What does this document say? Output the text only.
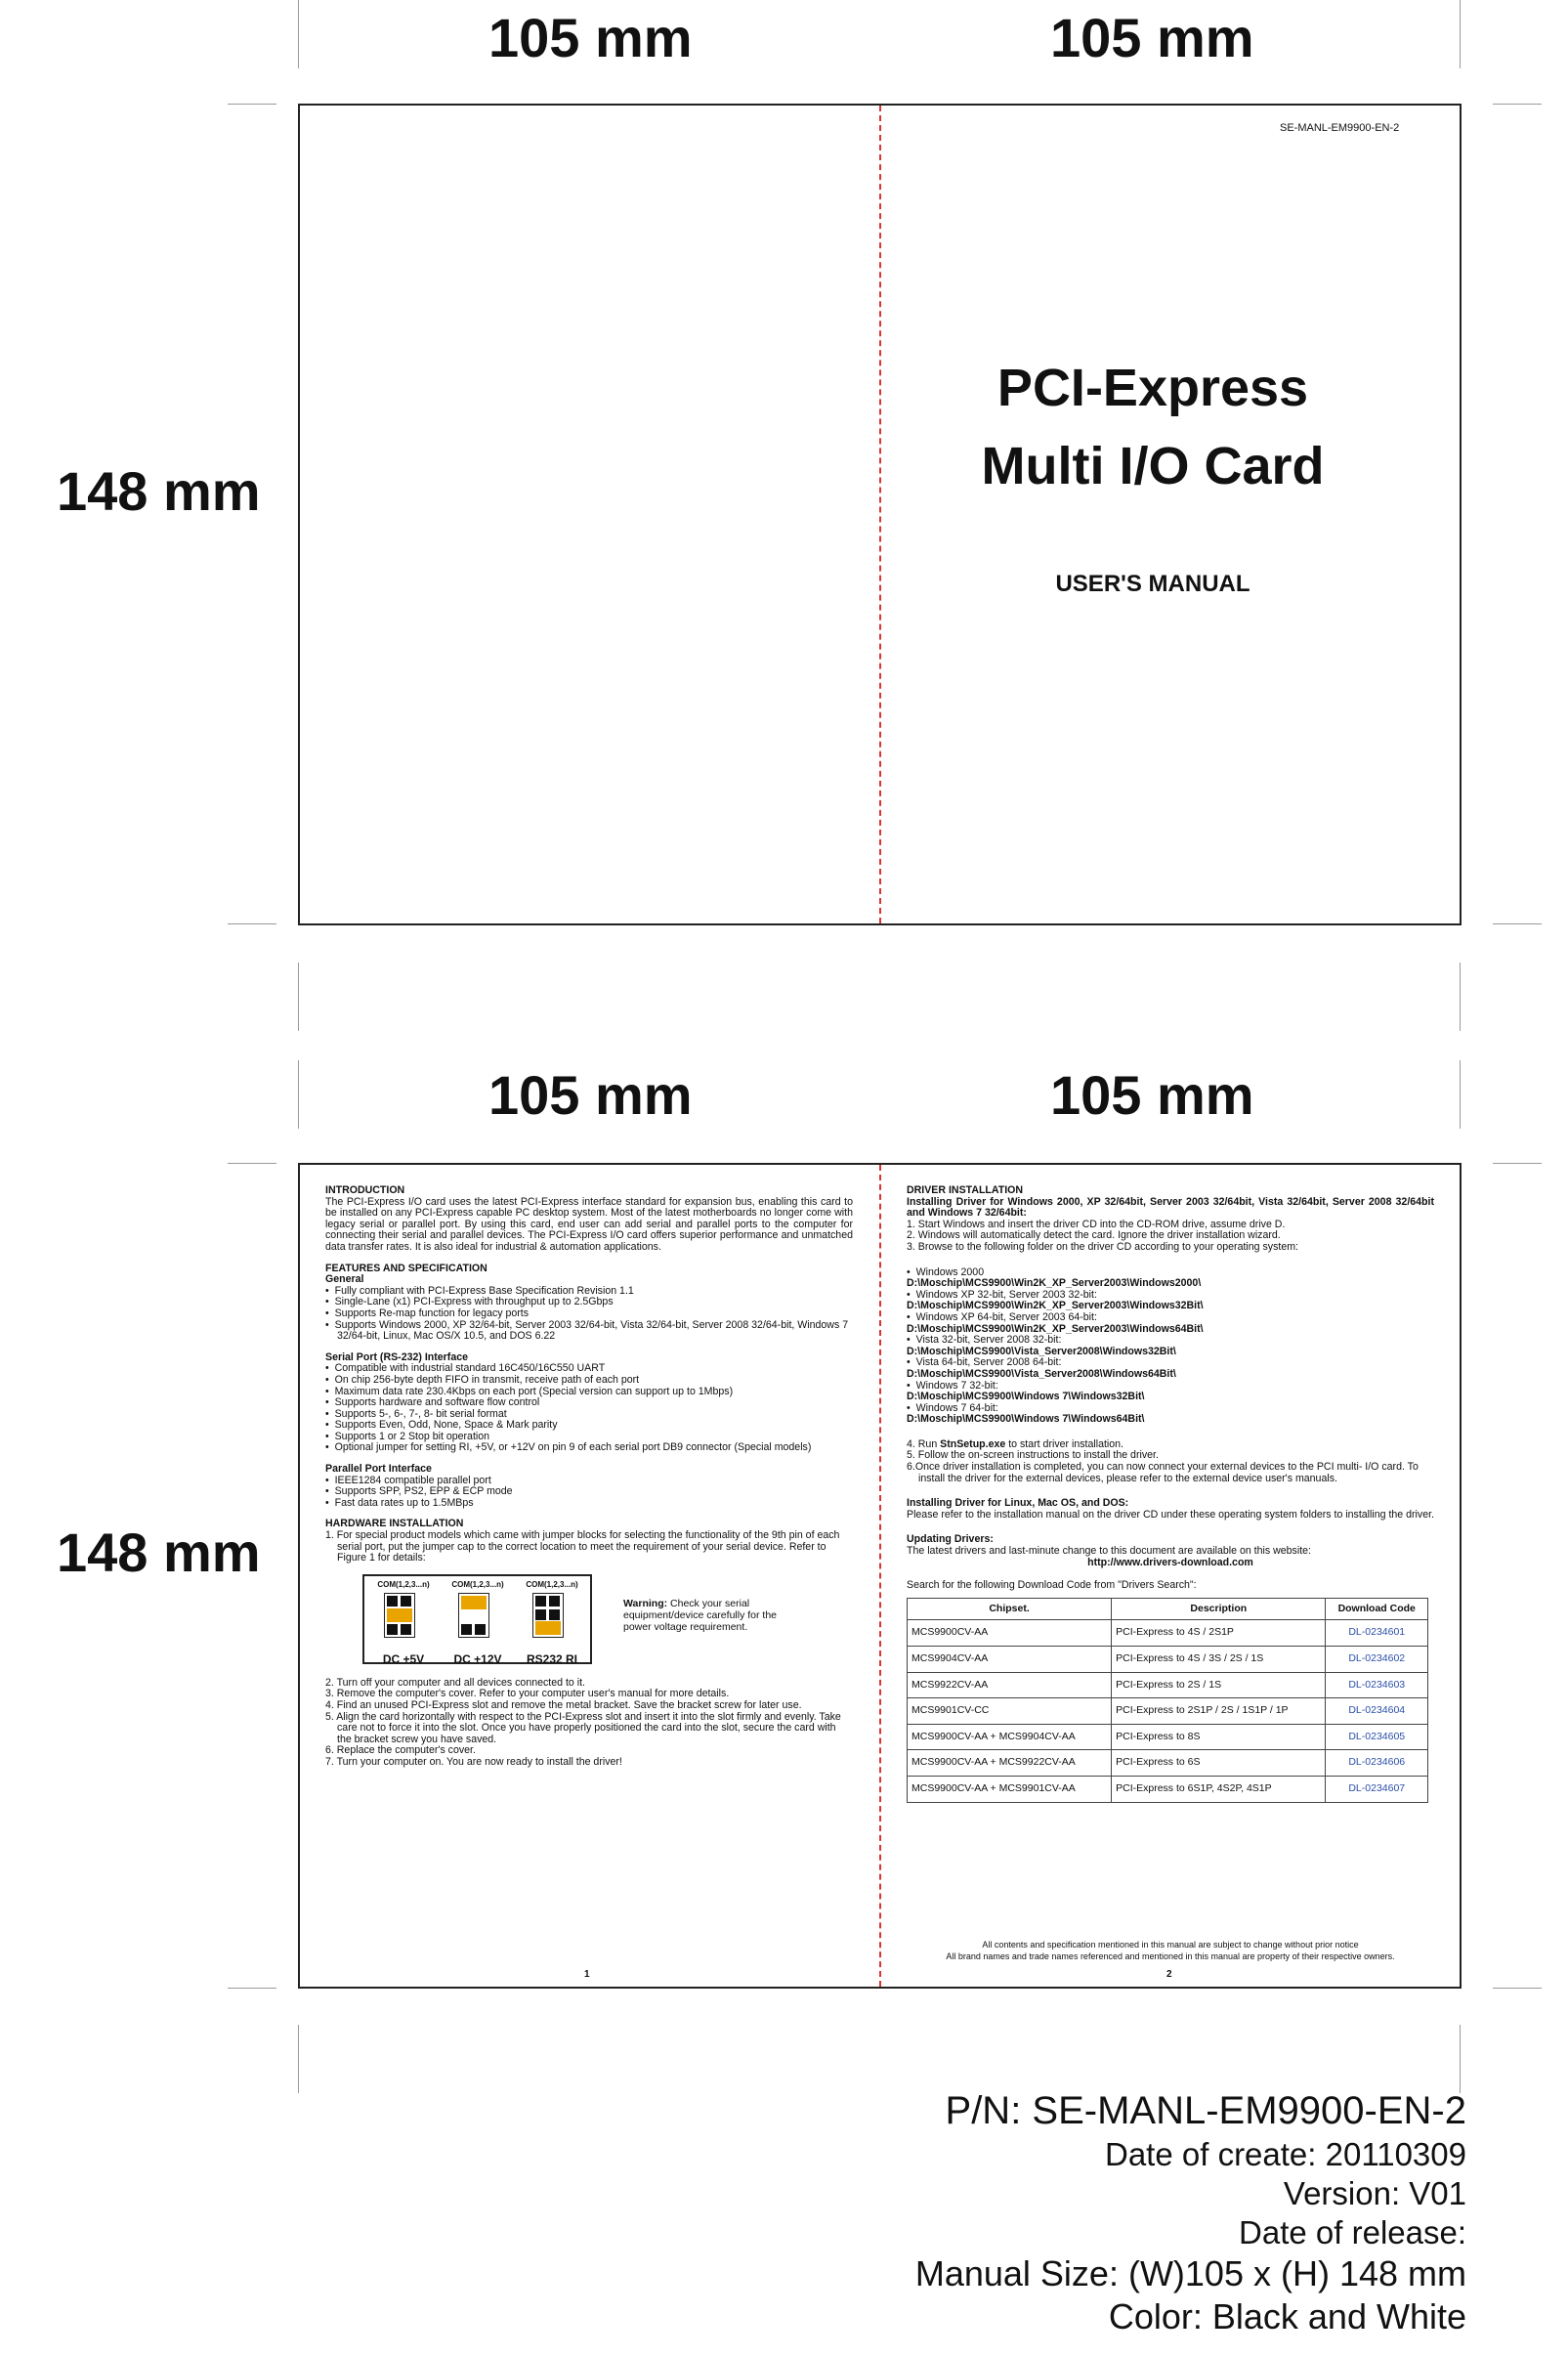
105 mm	105 mm
148 mm
SE-MANL-EM9900-EN-2
PCI-Express
Multi I/O Card
USER'S MANUAL
105 mm	105 mm
148 mm
INTRODUCTION
The PCI-Express I/O card uses the latest PCI-Express interface standard for expansion bus, enabling this card to be installed on any PCI-Express capable PC desktop system. Most of the latest motherboards no longer come with legacy serial or parallel port. By using this card, end user can add serial and parallel ports to the computer for connecting their serial and parallel devices. The PCI-Express I/O card offers superior performance and unmatched data transfer rates. It is also ideal for industrial & automation applications.
FEATURES AND SPECIFICATION
General
•  Fully compliant with PCI-Express Base Specification Revision 1.1
•  Single-Lane (x1) PCI-Express with throughput up to 2.5Gbps
•  Supports Re-map function for legacy ports
•  Supports Windows 2000, XP 32/64-bit, Server 2003 32/64-bit, Vista 32/64-bit, Server 2008 32/64-bit, Windows 7 32/64-bit, Linux, Mac OS/X 10.5, and DOS 6.22
Serial Port (RS-232) Interface
•  Compatible with industrial standard 16C450/16C550 UART
•  On chip 256-byte depth FIFO in transmit, receive path of each port
•  Maximum data rate 230.4Kbps on each port (Special version can support up to 1Mbps)
•  Supports hardware and software flow control
•  Supports 5-, 6-, 7-, 8- bit serial format
•  Supports Even, Odd, None, Space & Mark parity
•  Supports 1 or 2 Stop bit operation
•  Optional jumper for setting RI, +5V, or +12V on pin 9 of each serial port DB9 connector (Special models)
Parallel Port Interface
•  IEEE1284 compatible parallel port
•  Supports SPP, PS2, EPP & ECP mode
•  Fast data rates up to 1.5MBps
HARDWARE INSTALLATION
1. For special product models which came with jumper blocks for selecting the functionality of the 9th pin of each serial port, put the jumper cap to the correct location to meet the requirement of your serial device. Refer to Figure 1 for details:
COM(1,2,3...n)
DC +5V
COM(1,2,3...n)
DC +12V
COM(1,2,3...n)
RS232 RI
Warning: Check your serial equipment/device carefully for the power voltage requirement.
2. Turn off your computer and all devices connected to it.
3. Remove the computer's cover. Refer to your computer user's manual for more details.
4. Find an unused PCI-Express slot and remove the metal bracket. Save the bracket screw for later use.
5. Align the card horizontally with respect to the PCI-Express slot and insert it into the slot firmly and evenly. Take care not to force it into the slot. Once you have properly positioned the card into the slot, secure the card with the bracket screw you have saved.
6. Replace the computer's cover.
7. Turn your computer on. You are now ready to install the driver!
1
DRIVER INSTALLATION
Installing Driver for Windows 2000, XP 32/64bit, Server 2003 32/64bit, Vista 32/64bit, Server 2008 32/64bit and Windows 7 32/64bit:
1. Start Windows and insert the driver CD into the CD-ROM drive, assume drive D.
2. Windows will automatically detect the card. Ignore the driver installation wizard.
3. Browse to the following folder on the driver CD according to your operating system:
•  Windows 2000
D:\Moschip\MCS9900\Win2K_XP_Server2003\Windows2000\
•  Windows XP 32-bit, Server 2003 32-bit:
D:\Moschip\MCS9900\Win2K_XP_Server2003\Windows32Bit\
•  Windows XP 64-bit, Server 2003 64-bit:
D:\Moschip\MCS9900\Win2K_XP_Server2003\Windows64Bit\
•  Vista 32-bit, Server 2008 32-bit:
D:\Moschip\MCS9900\Vista_Server2008\Windows32Bit\
•  Vista 64-bit, Server 2008 64-bit:
D:\Moschip\MCS9900\Vista_Server2008\Windows64Bit\
•  Windows 7 32-bit:
D:\Moschip\MCS9900\Windows 7\Windows32Bit\
•  Windows 7 64-bit:
D:\Moschip\MCS9900\Windows 7\Windows64Bit\
4. Run StnSetup.exe to start driver installation.
5. Follow the on-screen instructions to install the driver.
6.Once driver installation is completed, you can now connect your external devices to the PCI multi- I/O card. To install the driver for the external devices, please refer to the external device user's manuals.
Installing Driver for Linux, Mac OS, and DOS:
Please refer to the installation manual on the driver CD under these operating system folders to installing the driver.
Updating Drivers:
The latest drivers and last-minute change to this document are available on this website:
http://www.drivers-download.com
Search for the following Download Code from "Drivers Search":
Chipset.	Description	Download Code
MCS9900CV-AA	PCI-Express to 4S / 2S1P	DL-0234601
MCS9904CV-AA	PCI-Express to 4S / 3S / 2S / 1S	DL-0234602
MCS9922CV-AA	PCI-Express to 2S / 1S	DL-0234603
MCS9901CV-CC	PCI-Express to 2S1P / 2S / 1S1P / 1P	DL-0234604
MCS9900CV-AA + MCS9904CV-AA	PCI-Express to 8S	DL-0234605
MCS9900CV-AA + MCS9922CV-AA	PCI-Express to 6S	DL-0234606
MCS9900CV-AA + MCS9901CV-AA	PCI-Express to 6S1P, 4S2P, 4S1P	DL-0234607
All contents and specification mentioned in this manual are subject to change without prior notice
All brand names and trade names referenced and mentioned in this manual are property of their respective owners.
2
P/N: SE-MANL-EM9900-EN-2
Date of create: 20110309
Version: V01
Date of release:
Manual Size: (W)105 x (H) 148 mm
Color: Black and White
